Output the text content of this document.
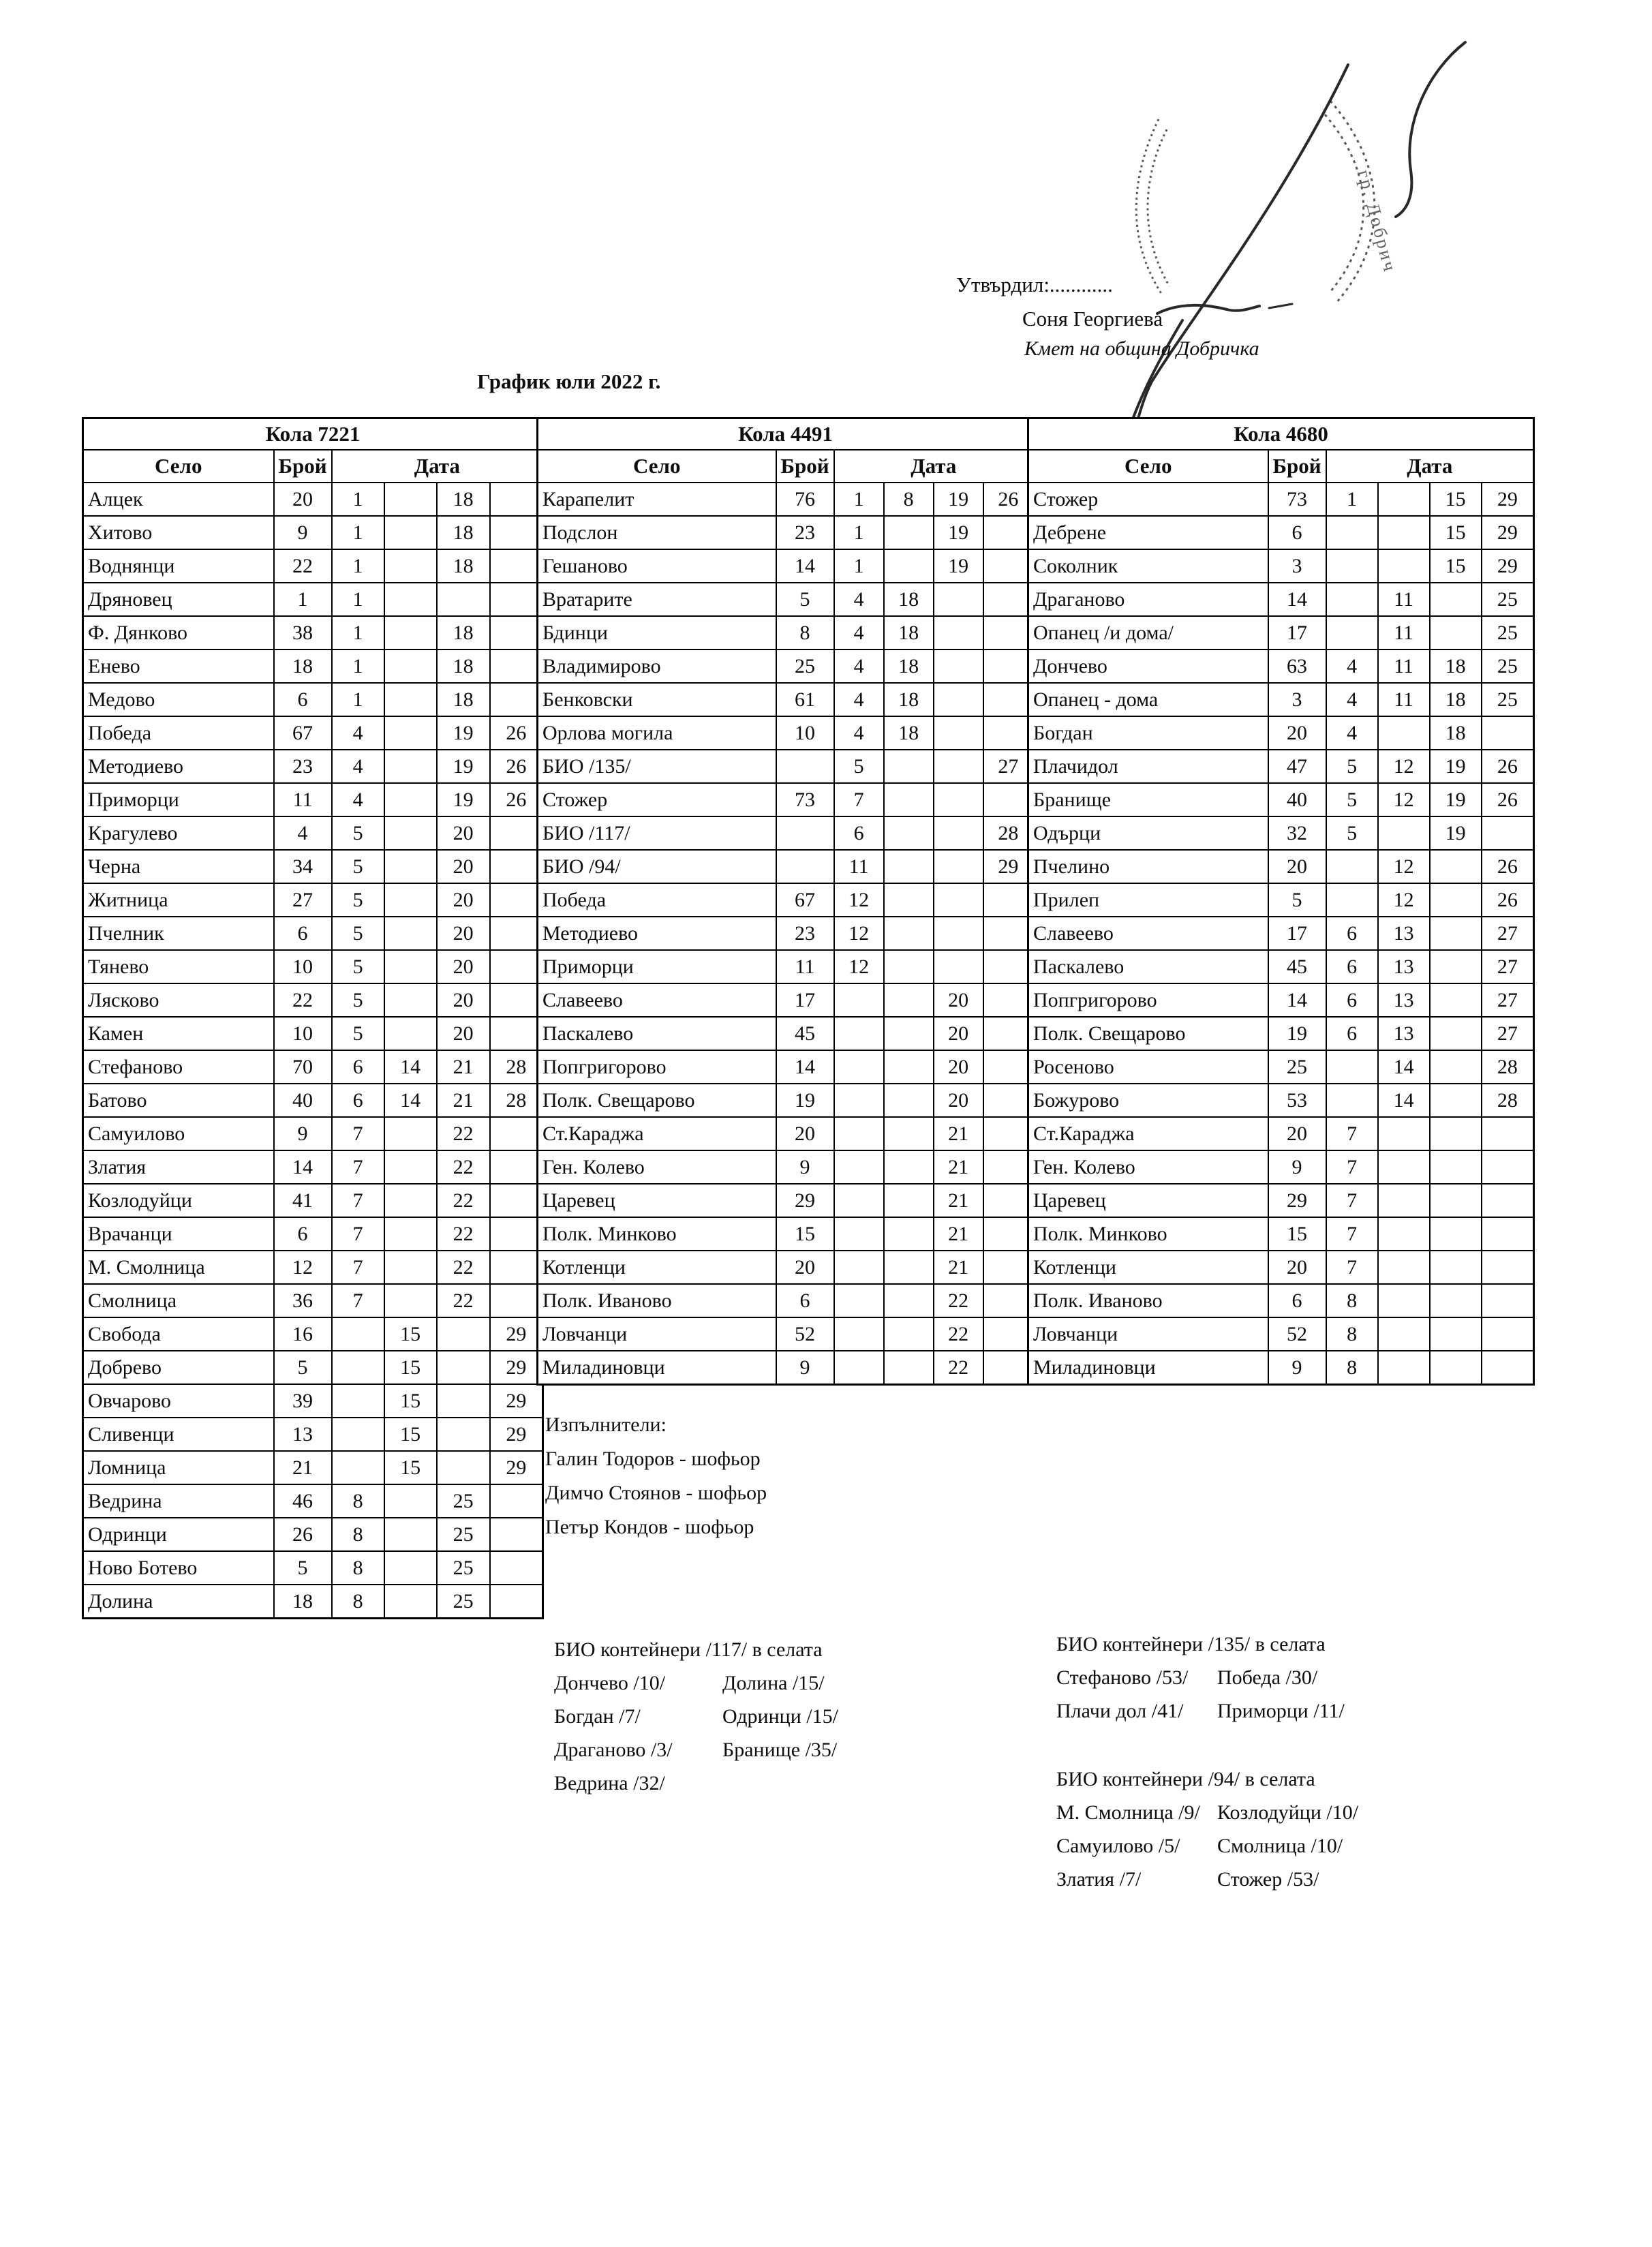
гр. Добрич
Утвърдил:............
Соня Георгиева
Кмет на община Добричка
График юли 2022 г.
Кола 7221					
Село	Брой	Дата			
Алцек	20	1		18	
Хитово	9	1		18	
Воднянци	22	1		18	
Дряновец	1	1			
Ф. Дянково	38	1		18	
Енево	18	1		18	
Медово	6	1		18	
Победа	67	4		19	26
Методиево	23	4		19	26
Приморци	11	4		19	26
Крагулево	4	5		20	
Черна	34	5		20	
Житница	27	5		20	
Пчелник	6	5		20	
Тянево	10	5		20	
Лясково	22	5		20	
Камен	10	5		20	
Стефаново	70	6	14	21	28
Батово	40	6	14	21	28
Самуилово	9	7		22	
Златия	14	7		22	
Козлодуйци	41	7		22	
Врачанци	6	7		22	
М. Смолница	12	7		22	
Смолница	36	7		22	
Свобода	16		15		29
Добрево	5		15		29
Овчарово	39		15		29
Сливенци	13		15		29
Ломница	21		15		29
Ведрина	46	8		25	
Одринци	26	8		25	
Ново Ботево	5	8		25	
Долина	18	8		25	
Кола 4491					
Село	Брой	Дата			
Карапелит	76	1	8	19	26
Подслон	23	1		19	
Гешаново	14	1		19	
Вратарите	5	4	18		
Бдинци	8	4	18		
Владимирово	25	4	18		
Бенковски	61	4	18		
Орлова могила	10	4	18		
БИО /135/		5			27
Стожер	73	7			
БИО /117/		6			28
БИО /94/		11			29
Победа	67	12			
Методиево	23	12			
Приморци	11	12			
Славеево	17			20	
Паскалево	45			20	
Попгригорово	14			20	
Полк. Свещарово	19			20	
Ст.Караджа	20			21	
Ген. Колево	9			21	
Царевец	29			21	
Полк. Минково	15			21	
Котленци	20			21	
Полк. Иваново	6			22	
Ловчанци	52			22	
Миладиновци	9			22	
Кола 4680					
Село	Брой	Дата			
Стожер	73	1		15	29
Дебрене	6			15	29
Соколник	3			15	29
Драганово	14		11		25
Опанец /и дома/	17		11		25
Дончево	63	4	11	18	25
Опанец - дома	3	4	11	18	25
Богдан	20	4		18	
Плачидол	47	5	12	19	26
Бранище	40	5	12	19	26
Одърци	32	5		19	
Пчелино	20		12		26
Прилеп	5		12		26
Славеево	17	6	13		27
Паскалево	45	6	13		27
Попгригорово	14	6	13		27
Полк. Свещарово	19	6	13		27
Росеново	25		14		28
Божурово	53		14		28
Ст.Караджа	20	7			
Ген. Колево	9	7			
Царевец	29	7			
Полк. Минково	15	7			
Котленци	20	7			
Полк. Иваново	6	8			
Ловчанци	52	8			
Миладиновци	9	8			
Изпълнители:
Галин Тодоров - шофьор
Димчо Стоянов - шофьор
Петър Кондов - шофьор
БИО контейнери /117/ в селата
Дончево /10/
Богдан /7/
Драганово /3/
Ведрина /32/
Долина /15/
Одринци /15/
Бранище /35/
БИО контейнери /135/ в селата
Стефаново /53/
Плачи дол /41/
Победа /30/
Приморци /11/
БИО контейнери /94/ в селата
М. Смолница /9/
Самуилово /5/
Златия /7/
Козлодуйци /10/
Смолница /10/
Стожер /53/
